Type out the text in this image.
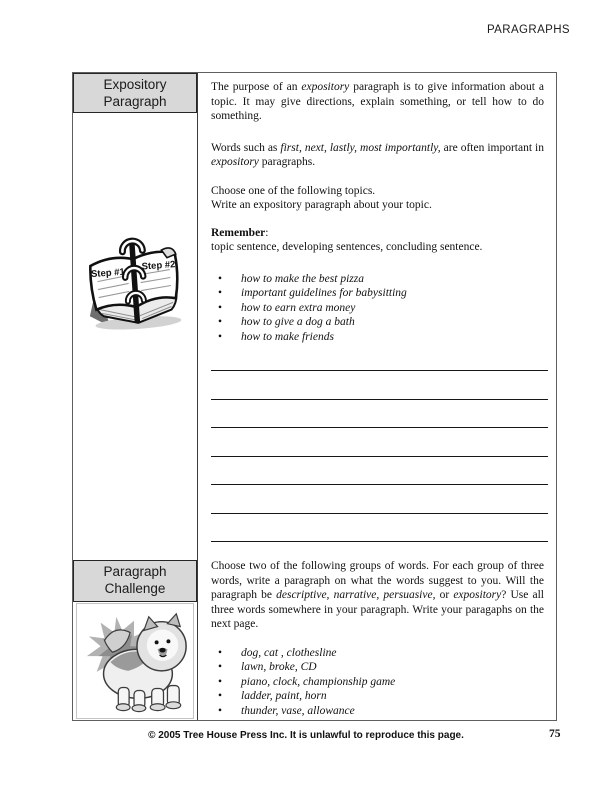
PARAGRAPHS
Expository Paragraph
Step #1
Step #2
Paragraph Challenge

The purpose of an expository paragraph is to give information about a topic. It may give directions, explain something, or tell how to do something.

Words such as first, next, lastly, most importantly, are often important in expository paragraphs.

Choose one of the following topics.
Write an expository paragraph about your topic.

Remember:
topic sentence, developing sentences, concluding sentence.

•	how to make the best pizza
•	important guidelines for babysitting
•	how to earn extra money
•	how to give a dog a bath
•	how to make friends

Choose two of the following groups of words. For each group of three words, write a paragraph on what the words suggest to you. Will the paragraph be descriptive, narrative, persuasive, or expository? Use all three words somewhere in your paragraph. Write your paragaphs on the next page.

•	dog, cat , clothesline
•	lawn, broke, CD
•	piano, clock, championship game
•	ladder, paint, horn
•	thunder, vase, allowance
© 2005 Tree House Press Inc. It is unlawful to reproduce this page.	75
